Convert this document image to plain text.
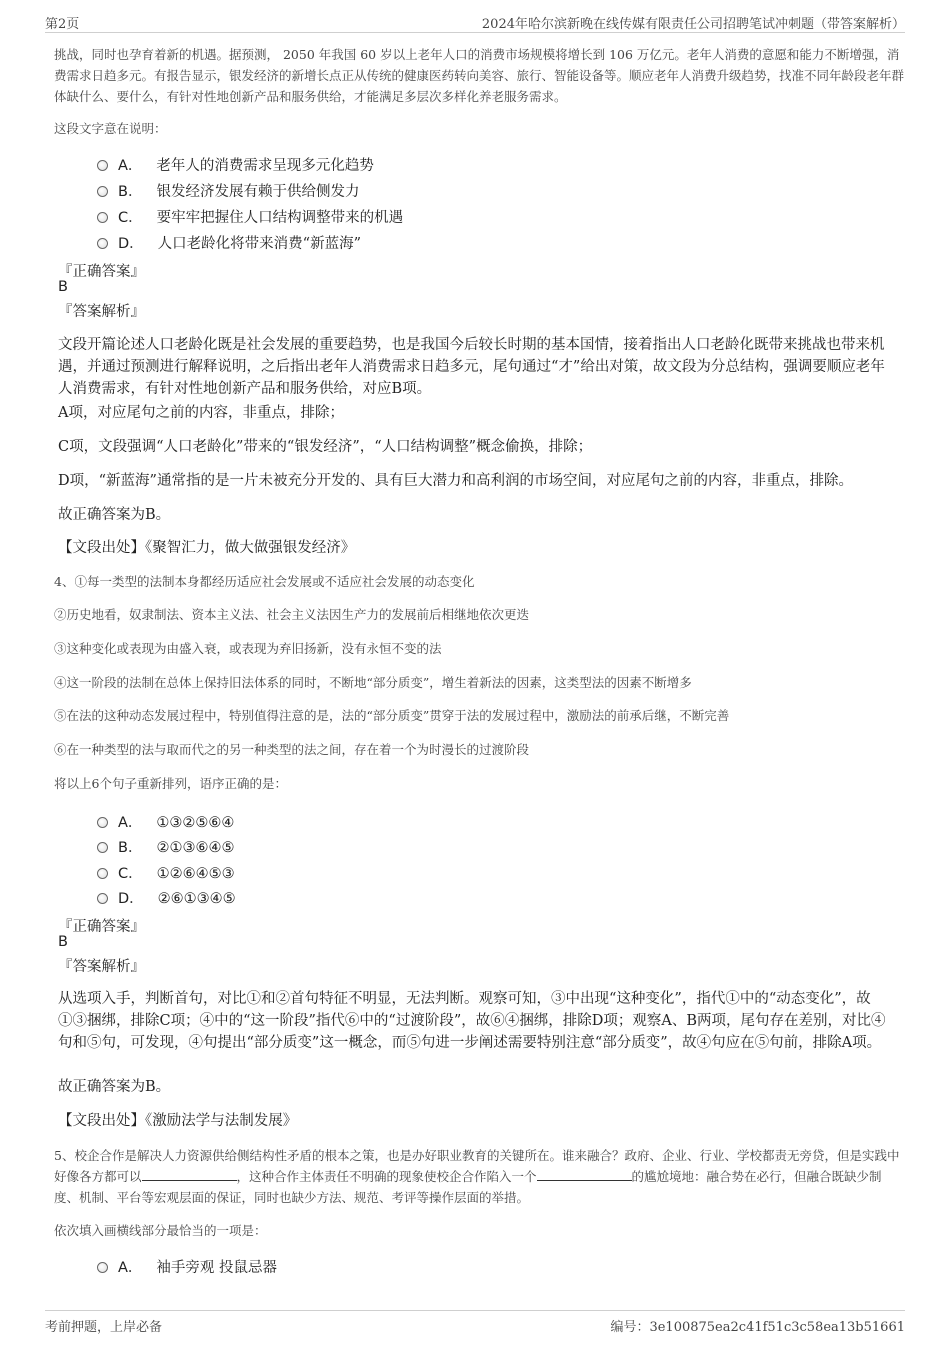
第2页	2024年哈尔滨新晚在线传媒有限责任公司招聘笔试冲刺题（带答案解析）
挑战，同时也孕育着新的机遇。据预测， 2050 年我国 60 岁以上老年人口的消费市场规模将增长到 106 万亿元。老年人消费的意愿和能力不断增强，消费需求日趋多元。有报告显示，银发经济的新增长点正从传统的健康医药转向美容、旅行、智能设备等。顺应老年人消费升级趋势，找准不同年龄段老年群体缺什么、要什么，有针对性地创新产品和服务供给，才能满足多层次多样化养老服务需求。
这段文字意在说明：
A． 老年人的消费需求呈现多元化趋势
B． 银发经济发展有赖于供给侧发力
C． 要牢牢把握住人口结构调整带来的机遇
D． 人口老龄化将带来消费“新蓝海”
『正确答案』
B
『答案解析』
文段开篇论述人口老龄化既是社会发展的重要趋势，也是我国今后较长时期的基本国情，接着指出人口老龄化既带来挑战也带来机遇，并通过预测进行解释说明，之后指出老年人消费需求日趋多元，尾句通过“才”给出对策，故文段为分总结构，强调要顺应老年人消费需求，有针对性地创新产品和服务供给，对应B项。
A项，对应尾句之前的内容，非重点，排除；
C项，文段强调“人口老龄化”带来的“银发经济”，“人口结构调整”概念偷换，排除；
D项，“新蓝海”通常指的是一片未被充分开发的、具有巨大潜力和高利润的市场空间，对应尾句之前的内容，非重点，排除。
故正确答案为B。
【文段出处】《聚智汇力，做大做强银发经济》
4、①每一类型的法制本身都经历适应社会发展或不适应社会发展的动态变化
②历史地看，奴隶制法、资本主义法、社会主义法因生产力的发展前后相继地依次更迭
③这种变化或表现为由盛入衰，或表现为弃旧扬新，没有永恒不变的法
④这一阶段的法制在总体上保持旧法体系的同时，不断地“部分质变”，增生着新法的因素，这类型法的因素不断增多
⑤在法的这种动态发展过程中，特别值得注意的是，法的“部分质变”贯穿于法的发展过程中，激励法的前承后继，不断完善
⑥在一种类型的法与取而代之的另一种类型的法之间，存在着一个为时漫长的过渡阶段
将以上6个句子重新排列，语序正确的是：
A． ①③②⑤⑥④
B． ②①③⑥④⑤
C． ①②⑥④⑤③
D． ②⑥①③④⑤
『正确答案』
B
『答案解析』
从选项入手，判断首句，对比①和②首句特征不明显，无法判断。观察可知，③中出现“这种变化”，指代①中的“动态变化”，故①③捆绑，排除C项；④中的“这一阶段”指代⑥中的“过渡阶段”，故⑥④捆绑，排除D项；观察A、B两项，尾句存在差别，对比④句和⑤句，可发现，④句提出“部分质变”这一概念，而⑤句进一步阐述需要特别注意“部分质变”，故④句应在⑤句前，排除A项。
故正确答案为B。
【文段出处】《激励法学与法制发展》
5、校企合作是解决人力资源供给侧结构性矛盾的根本之策，也是办好职业教育的关键所在。谁来融合？政府、企业、行业、学校都责无旁贷，但是实践中好像各方都可以	，这种合作主体责任不明确的现象使校企合作陷入一个	的尴尬境地：融合势在必行，但融合既缺少制度、机制、平台等宏观层面的保证，同时也缺少方法、规范、考评等操作层面的举措。
依次填入画横线部分最恰当的一项是：
A． 袖手旁观 投鼠忌器
考前押题，上岸必备	编号：3e100875ea2c41f51c3c58ea13b51661
